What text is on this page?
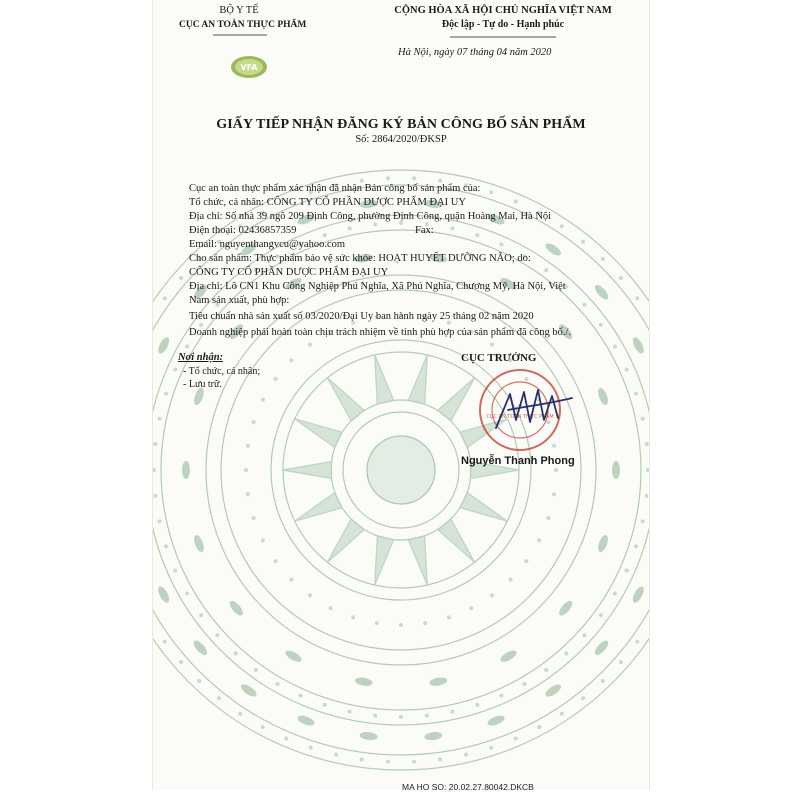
BỘ Y TẾ
CỤC AN TOÀN THỰC PHẨM
VFA
CỘNG HÒA XÃ HỘI CHỦ NGHĨA VIỆT NAM
Độc lập - Tự do - Hạnh phúc
Hà Nội, ngày 07 tháng 04 năm 2020
GIẤY TIẾP NHẬN ĐĂNG KÝ BẢN CÔNG BỐ SẢN PHẨM
Số: 2864/2020/ĐKSP
Cục an toàn thực phẩm xác nhận đã nhận Bản công bố sản phẩm của:
Tổ chức, cá nhân: CÔNG TY CỔ PHẦN DƯỢC PHẨM ĐẠI UY
Địa chỉ: Số nhà 39 ngõ 209 Định Công, phường Định Công, quận Hoàng Mai, Hà Nội
Điện thoại: 02436857359	Fax:
Email: nguyenthangvcu@yahoo.com
Cho sản phẩm: Thực phẩm bảo vệ sức khỏe: HOẠT HUYẾT DƯỠNG NÃO; do:
CÔNG TY CỔ PHẦN DƯỢC PHẨM ĐẠI UY
Địa chỉ: Lô CN1 Khu Công Nghiệp Phú Nghĩa, Xã Phú Nghĩa, Chương Mỹ, Hà Nội, Việt
Nam sản xuất, phù hợp:
Tiêu chuẩn nhà sản xuất số 03/2020/Đại Uy ban hành ngày 25 tháng 02 năm 2020
Doanh nghiệp phải hoàn toàn chịu trách nhiệm về tính phù hợp của sản phẩm đã công bố./.
Nơi nhận:
- Tổ chức, cá nhân;
- Lưu trữ.
CỤC TRƯỞNG
★
CỤC AN TOÀN THỰC PHẨM
Nguyễn Thanh Phong
MA HO SO: 20.02.27.80042.DKCB
